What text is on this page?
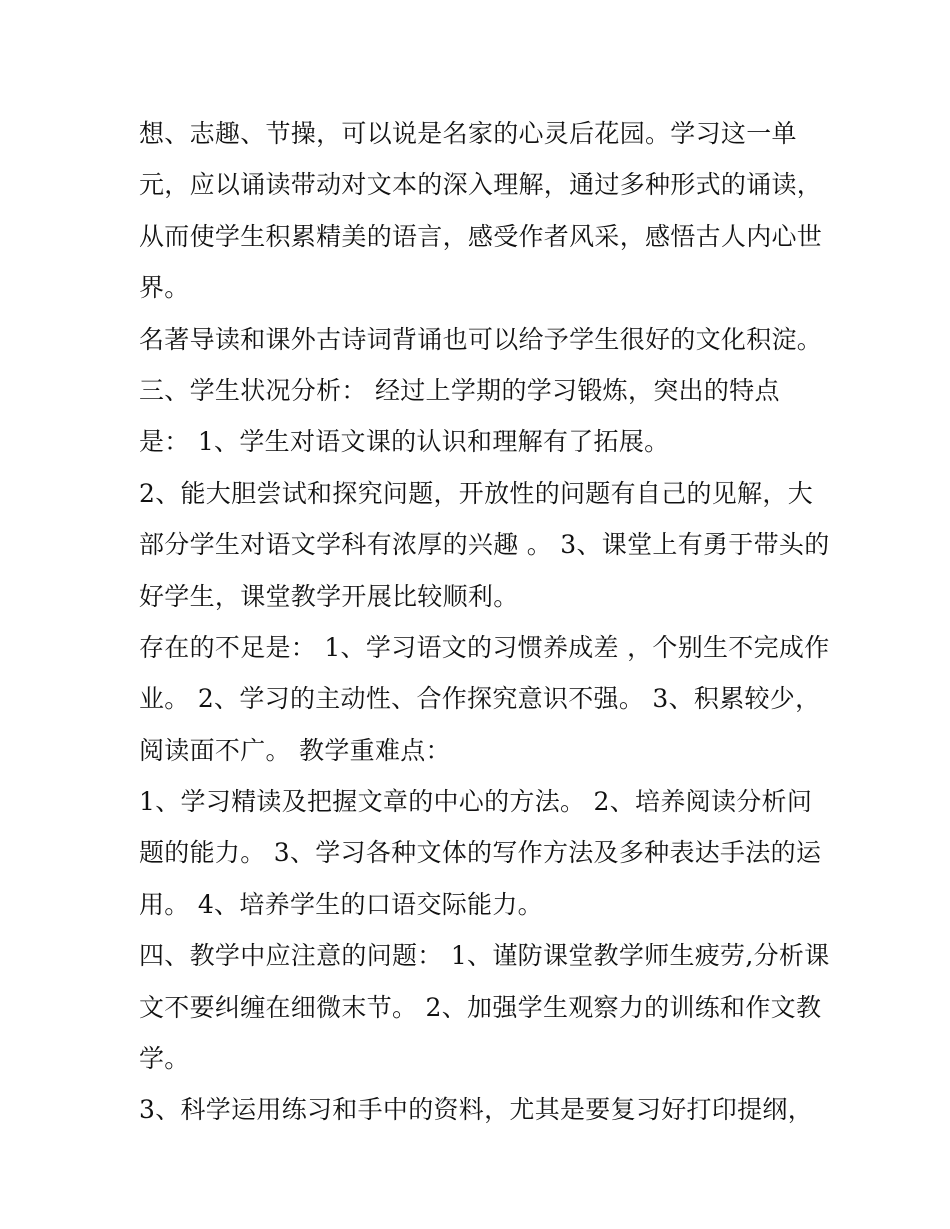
想、志趣、节操，可以说是名家的心灵后花园。学习这一单
元，应以诵读带动对文本的深入理解，通过多种形式的诵读，
从而使学生积累精美的语言，感受作者风采，感悟古人内心世
界。
名著导读和课外古诗词背诵也可以给予学生很好的文化积淀。
三、学生状况分析： 经过上学期的学习锻炼，突出的特点
是： 1、学生对语文课的认识和理解有了拓展。
2、能大胆尝试和探究问题，开放性的问题有自己的见解，大
部分学生对语文学科有浓厚的兴趣 。 3、课堂上有勇于带头的
好学生，课堂教学开展比较顺利。
存在的不足是： 1、学习语文的习惯养成差 ，个别生不完成作
业。 2、学习的主动性、合作探究意识不强。 3、积累较少，
阅读面不广。 教学重难点：
1、学习精读及把握文章的中心的方法。 2、培养阅读分析问
题的能力。 3、学习各种文体的写作方法及多种表达手法的运
用。 4、培养学生的口语交际能力。
四、教学中应注意的问题： 1、谨防课堂教学师生疲劳,分析课
文不要纠缠在细微末节。 2、加强学生观察力的训练和作文教
学。
3、科学运用练习和手中的资料，尤其是要复习好打印提纲，
